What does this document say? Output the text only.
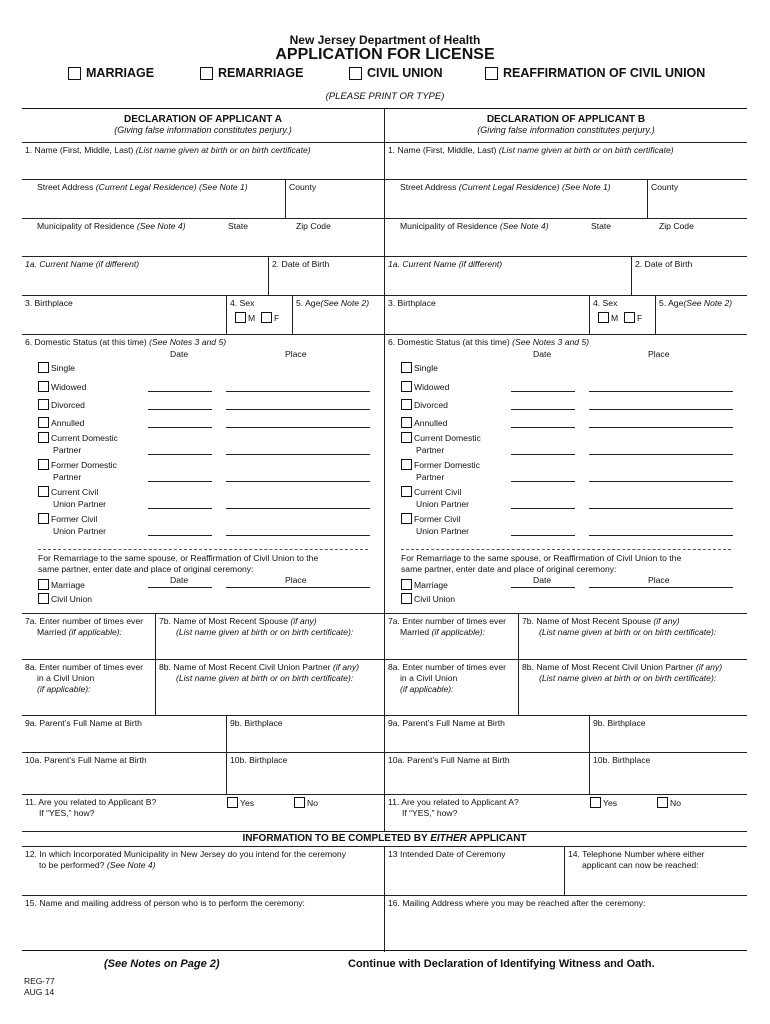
New Jersey Department of Health
APPLICATION FOR LICENSE
MARRIAGE	REMARRIAGE	CIVIL UNION	REAFFIRMATION OF CIVIL UNION
(PLEASE PRINT OR TYPE)
DECLARATION OF APPLICANT A
(Giving false information constitutes perjury.)
1. Name (First, Middle, Last) (List name given at birth or on birth certificate)
Street Address (Current Legal Residence) (See Note 1)	County
Municipality of Residence (See Note 4)	State	Zip Code
1a. Current Name (if different)	2. Date of Birth
3. Birthplace	4. Sex
M F
5. Age(See Note 2)
6. Domestic Status (at this time) (See Notes 3 and 5)
Date	Place
Single
Widowed
Divorced
Annulled
Current Domestic
Partner
Former Domestic
Partner
Current Civil
Union Partner
Former Civil
Union Partner
For Remarriage to the same spouse, or Reaffirmation of Civil Union to the
same partner, enter date and place of original ceremony:
Date	Place
Marriage
Civil Union
7a. Enter number of times ever
Married (if applicable):
7b. Name of Most Recent Spouse (if any)
(List name given at birth or on birth certificate):
8a. Enter number of times ever
in a Civil Union
(if applicable):
8b. Name of Most Recent Civil Union Partner (if any)
(List name given at birth or on birth certificate):
9a. Parent’s Full Name at Birth	9b. Birthplace
10a. Parent’s Full Name at Birth	10b. Birthplace
11. Are you related to Applicant B?
If “YES,” how?
Yes	No
DECLARATION OF APPLICANT B
(Giving false information constitutes perjury.)
1. Name (First, Middle, Last) (List name given at birth or on birth certificate)
Street Address (Current Legal Residence) (See Note 1)	County
Municipality of Residence (See Note 4)	State	Zip Code
1a. Current Name (if different)	2. Date of Birth
3. Birthplace	4. Sex
M F
5. Age(See Note 2)
6. Domestic Status (at this time) (See Notes 3 and 5)
Date	Place
Single
Widowed
Divorced
Annulled
Current Domestic
Partner
Former Domestic
Partner
Current Civil
Union Partner
Former Civil
Union Partner
For Remarriage to the same spouse, or Reaffirmation of Civil Union to the
same partner, enter date and place of original ceremony:
Date	Place
Marriage
Civil Union
7a. Enter number of times ever
Married (if applicable):
7b. Name of Most Recent Spouse (if any)
(List name given at birth or on birth certificate):
8a. Enter number of times ever
in a Civil Union
(if applicable):
8b. Name of Most Recent Civil Union Partner (if any)
(List name given at birth or on birth certificate):
9a. Parent’s Full Name at Birth	9b. Birthplace
10a. Parent’s Full Name at Birth	10b. Birthplace
11. Are you related to Applicant A?
If “YES,” how?
Yes	No
INFORMATION TO BE COMPLETED BY EITHER APPLICANT
12. In which Incorporated Municipality in New Jersey do you intend for the ceremony
to be performed? (See Note 4)
13 Intended Date of Ceremony	14. Telephone Number where either
applicant can now be reached:
15. Name and mailing address of person who is to perform the ceremony:	16. Mailing Address where you may be reached after the ceremony:
(See Notes on Page 2)	Continue with Declaration of Identifying Witness and Oath.
REG-77
AUG 14
